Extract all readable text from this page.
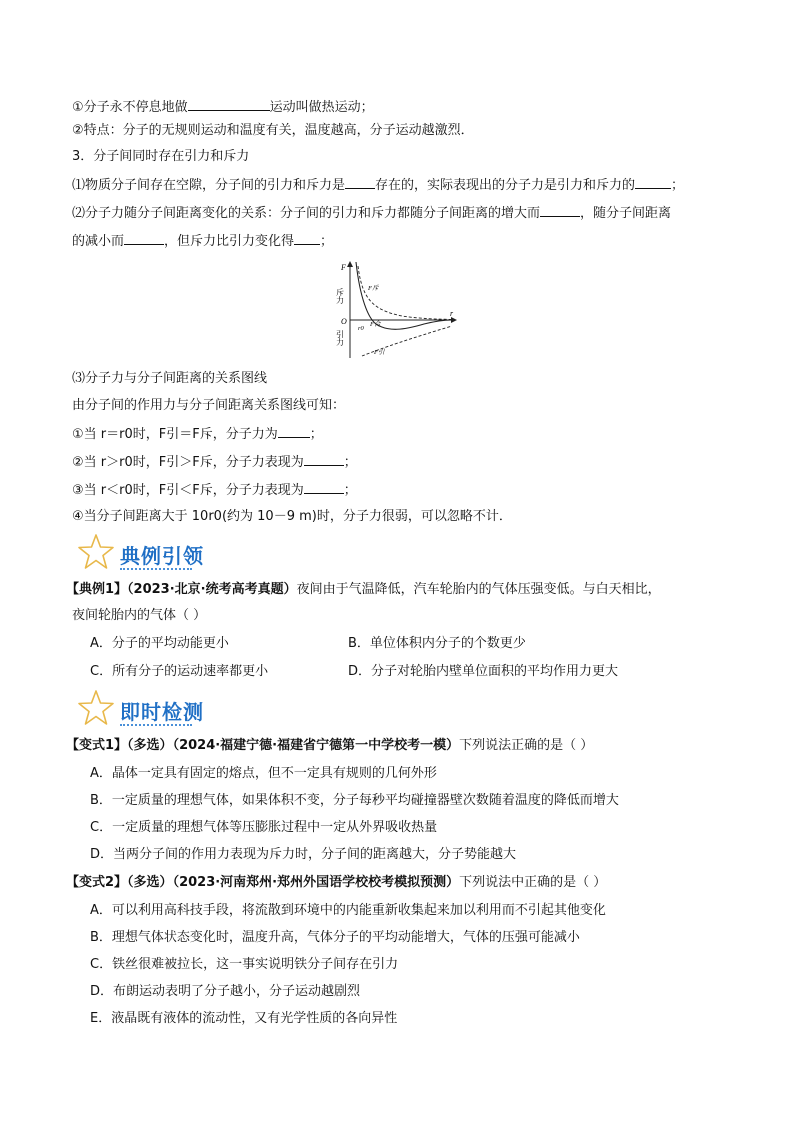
①分子永不停息地做	运动叫做热运动；
②特点：分子的无规则运动和温度有关，温度越高，分子运动越激烈．
3．分子间同时存在引力和斥力
⑴物质分子间存在空隙，分子间的引力和斥力是 存在的，实际表现出的分子力是引力和斥力的	；
⑵分子力随分子间距离变化的关系：分子间的引力和斥力都随分子间距离的增大而	，随分子间距离
的减小而	，但斥力比引力变化得 ；
F
斥力
O
引力
r
F斥
F合
r0
F引
⑶分子力与分子间距离的关系图线
由分子间的作用力与分子间距离关系图线可知：
①当 r＝r0时，F引＝F斥，分子力为 ；
②当 r＞r0时，F引＞F斥，分子力表现为	；
③当 r＜r0时，F引＜F斥，分子力表现为	；
④当分子间距离大于 10r0(约为 10－9 m)时，分子力很弱，可以忽略不计．
典例引领
【典例1】（2023·北京·统考高考真题）夜间由于气温降低，汽车轮胎内的气体压强变低。与白天相比，
夜间轮胎内的气体（ ）
A．分子的平均动能更小	B．单位体积内分子的个数更少
C．所有分子的运动速率都更小	D．分子对轮胎内壁单位面积的平均作用力更大
即时检测
【变式1】（多选）（2024·福建宁德·福建省宁德第一中学校考一模）下列说法正确的是（ ）
A．晶体一定具有固定的熔点，但不一定具有规则的几何外形
B．一定质量的理想气体，如果体积不变，分子每秒平均碰撞器壁次数随着温度的降低而增大
C．一定质量的理想气体等压膨胀过程中一定从外界吸收热量
D．当两分子间的作用力表现为斥力时，分子间的距离越大，分子势能越大
【变式2】（多选）（2023·河南郑州·郑州外国语学校校考模拟预测）下列说法中正确的是（ ）
A．可以利用高科技手段，将流散到环境中的内能重新收集起来加以利用而不引起其他变化
B．理想气体状态变化时，温度升高，气体分子的平均动能增大，气体的压强可能减小
C．铁丝很难被拉长，这一事实说明铁分子间存在引力
D．布朗运动表明了分子越小，分子运动越剧烈
E．液晶既有液体的流动性，又有光学性质的各向异性
